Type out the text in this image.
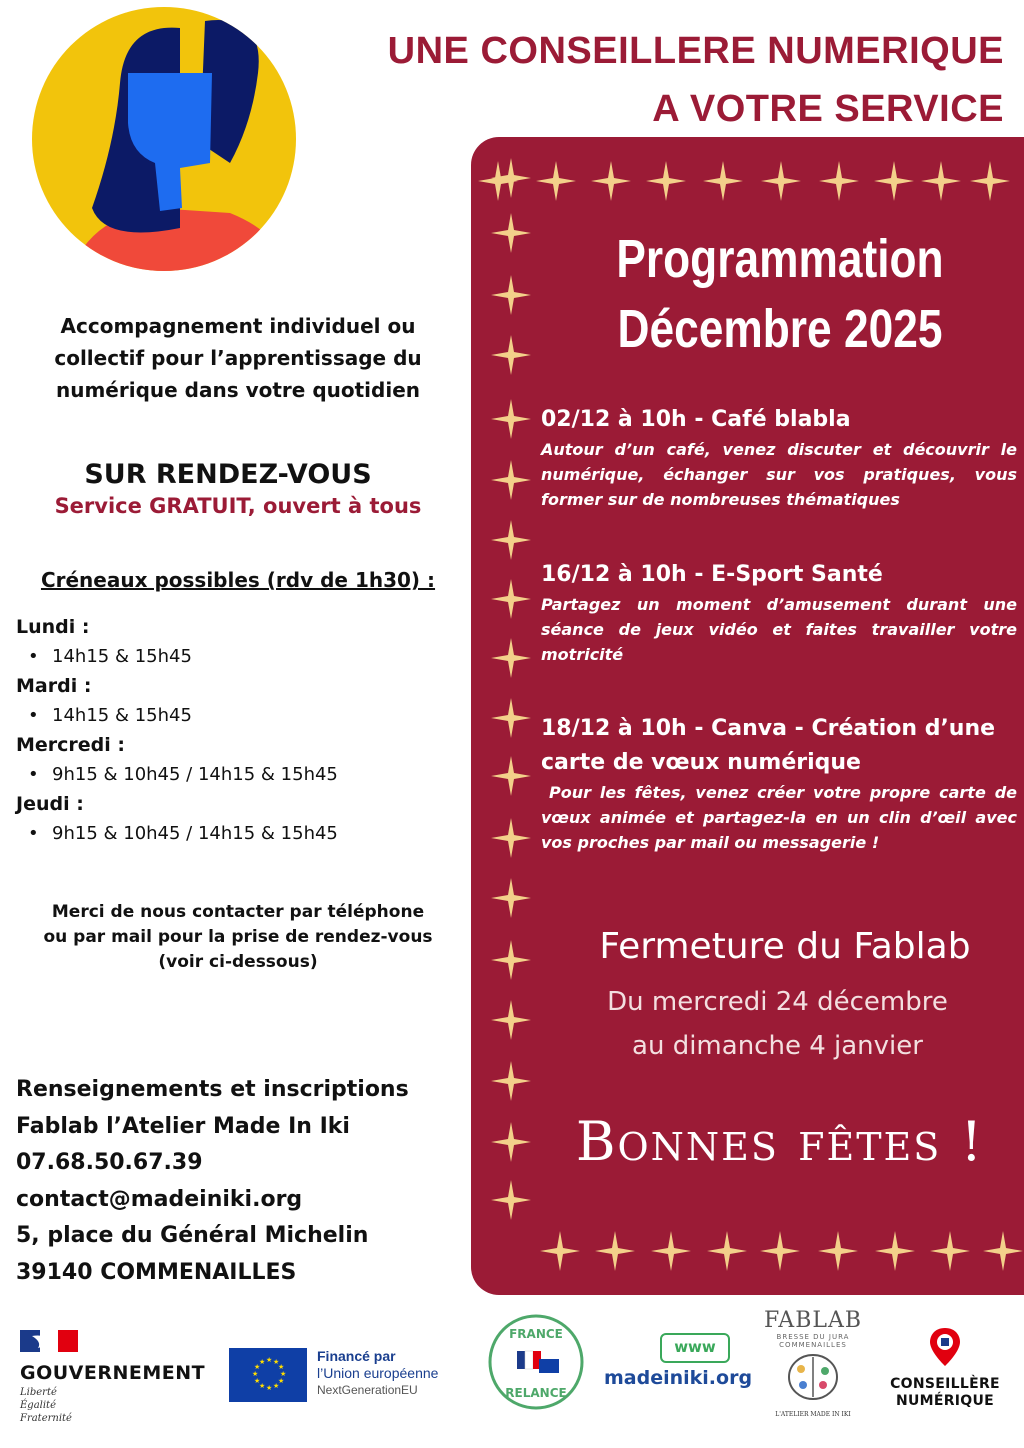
UNE CONSEILLERE NUMERIQUE
A VOTRE SERVICE
Accompagnement individuel ou
collectif pour l’apprentissage du
numérique dans votre quotidien
SUR RENDEZ-VOUS
Service GRATUIT, ouvert à tous
Créneaux possibles (rdv de 1h30) :
Lundi :
• 14h15 & 15h45
Mardi :
• 14h15 & 15h45
Mercredi :
• 9h15 & 10h45 / 14h15 & 15h45
Jeudi :
• 9h15 & 10h45 / 14h15 & 15h45
Merci de nous contacter par téléphone
ou par mail pour la prise de rendez-vous
(voir ci-dessous)
Renseignements et inscriptions
Fablab l’Atelier Made In Iki
07.68.50.67.39
contact@madeiniki.org
5, place du Général Michelin
39140 COMMENAILLES
Programmation
Décembre 2025
02/12 à 10h - Café blabla
Autour d’un café, venez discuter et découvrir le numérique, échanger sur vos pratiques, vous former sur de nombreuses thématiques
16/12 à 10h - E-Sport Santé
Partagez un moment d’amusement durant une séance de jeux vidéo et faites travailler votre motricité
18/12 à 10h - Canva - Création d’une carte de vœux numérique
Pour les fêtes, venez créer votre propre carte de vœux animée et partagez-la en un clin d’œil avec vos proches par mail ou messagerie !
Fermeture du Fablab
Du mercredi 24 décembre
au dimanche 4 janvier
Bonnes fêtes !
GOUVERNEMENT
Liberté
Égalité
Fraternité
★ ★
★
★
★
★
★
★
★
★
★
★	Financé par
l’Union européenne
NextGenerationEU
FRANCE
RELANCE
www
madeiniki.org
FABLAB
BRESSE DU JURA
COMMENAILLES
L'ATELIER MADE IN IKI
CONSEILLÈRE
NUMÉRIQUE
